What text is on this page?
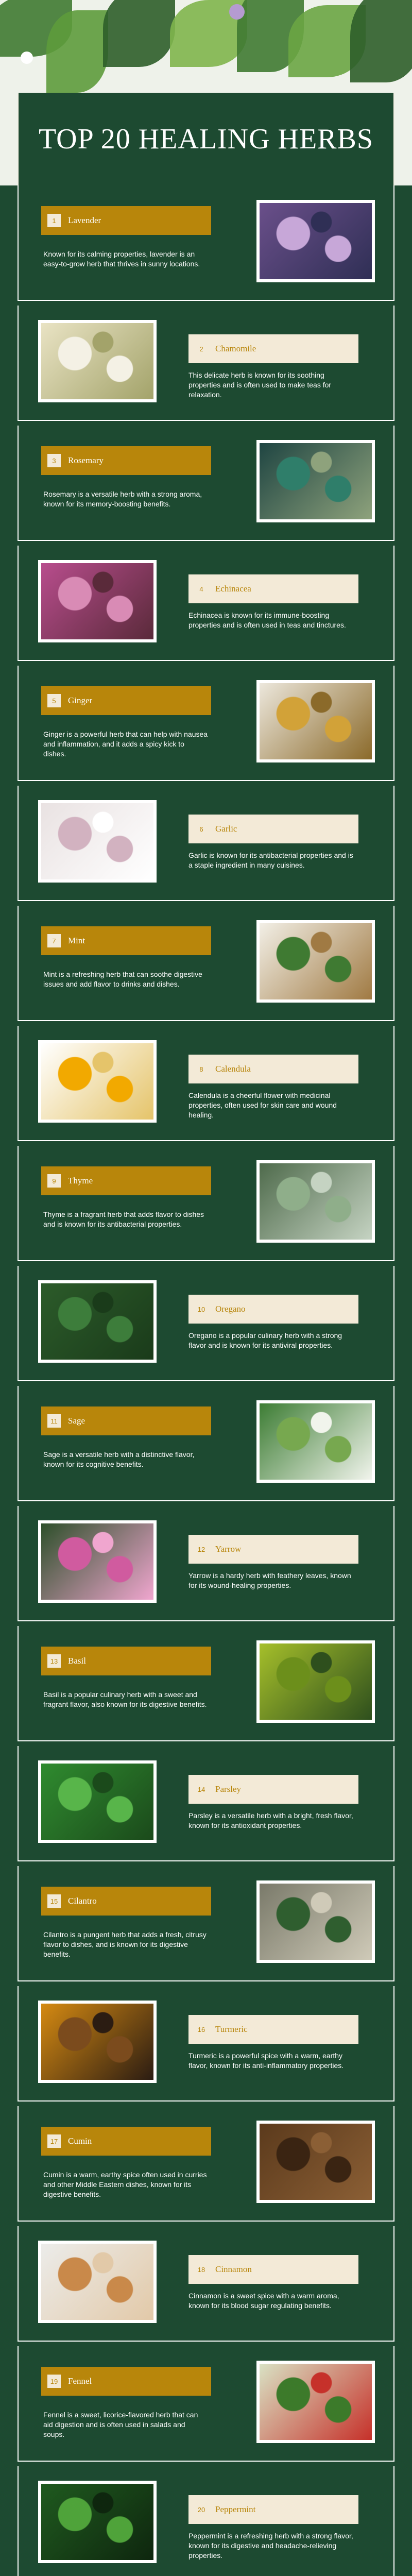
TOP 20 HEALING HERBS
1	Lavender

Known for its calming properties, lavender is an easy-to-grow herb that thrives in sunny locations.

2	Chamomile

This delicate herb is known for its soothing properties and is often used to make teas for relaxation.

3	Rosemary

Rosemary is a versatile herb with a strong aroma, known for its memory-boosting benefits.

4	Echinacea

Echinacea is known for its immune-boosting properties and is often used in teas and tinctures.

5	Ginger

Ginger is a powerful herb that can help with nausea and inflammation, and it adds a spicy kick to dishes.

6	Garlic

Garlic is known for its antibacterial properties and is a staple ingredient in many cuisines.

7	Mint

Mint is a refreshing herb that can soothe digestive issues and add flavor to drinks and dishes.

8	Calendula

Calendula is a cheerful flower with medicinal properties, often used for skin care and wound healing.

9	Thyme

Thyme is a fragrant herb that adds flavor to dishes and is known for its antibacterial properties.

10	Oregano

Oregano is a popular culinary herb with a strong flavor and is known for its antiviral properties.

11	Sage

Sage is a versatile herb with a distinctive flavor, known for its cognitive benefits.

12	Yarrow

Yarrow is a hardy herb with feathery leaves, known for its wound-healing properties.

13	Basil

Basil is a popular culinary herb with a sweet and fragrant flavor, also known for its digestive benefits.

14	Parsley

Parsley is a versatile herb with a bright, fresh flavor, known for its antioxidant properties.

15	Cilantro

Cilantro is a pungent herb that adds a fresh, citrusy flavor to dishes, and is known for its digestive benefits.

16	Turmeric

Turmeric is a powerful spice with a warm, earthy flavor, known for its anti-inflammatory properties.

17	Cumin

Cumin is a warm, earthy spice often used in curries and other Middle Eastern dishes, known for its digestive benefits.

18	Cinnamon

Cinnamon is a sweet spice with a warm aroma, known for its blood sugar regulating benefits.

19	Fennel

Fennel is a sweet, licorice-flavored herb that can aid digestion and is often used in salads and soups.

20	Peppermint

Peppermint is a refreshing herb with a strong flavor, known for its digestive and headache-relieving properties.
